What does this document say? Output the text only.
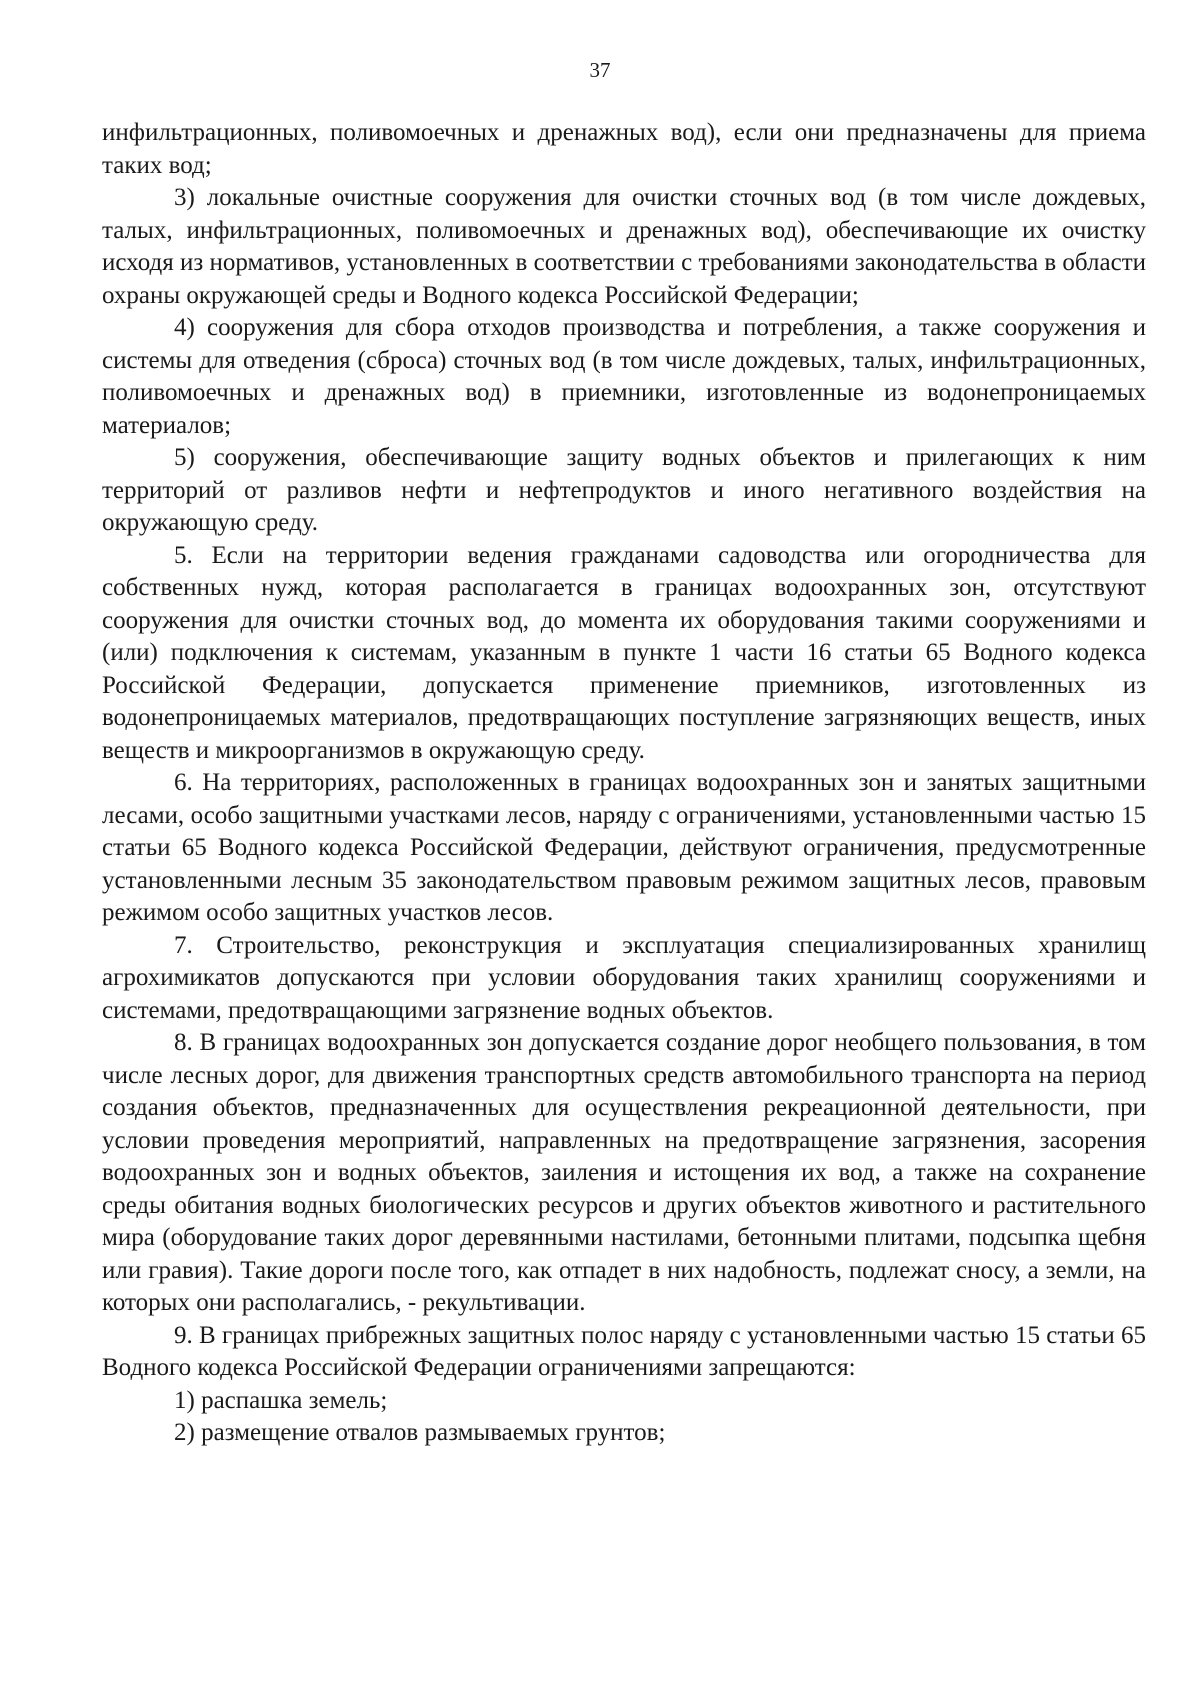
37

инфильтрационных, поливомоечных и дренажных вод), если они предназначены для приема таких вод;

3) локальные очистные сооружения для очистки сточных вод (в том числе дождевых, талых, инфильтрационных, поливомоечных и дренажных вод), обеспечивающие их очистку исходя из нормативов, установленных в соответствии с требованиями законодательства в области охраны окружающей среды и Водного кодекса Российской Федерации;

4) сооружения для сбора отходов производства и потребления, а также сооружения и системы для отведения (сброса) сточных вод (в том числе дождевых, талых, инфильтрационных, поливомоечных и дренажных вод) в приемники, изготовленные из водонепроницаемых материалов;

5) сооружения, обеспечивающие защиту водных объектов и прилегающих к ним территорий от разливов нефти и нефтепродуктов и иного негативного воздействия на окружающую среду.

5. Если на территории ведения гражданами садоводства или огородничества для собственных нужд, которая располагается в границах водоохранных зон, отсутствуют сооружения для очистки сточных вод, до момента их оборудования такими сооружениями и (или) подключения к системам, указанным в пункте 1 части 16 статьи 65 Водного кодекса Российской Федерации, допускается применение приемников, изготовленных из водонепроницаемых материалов, предотвращающих поступление загрязняющих веществ, иных веществ и микроорганизмов в окружающую среду.

6. На территориях, расположенных в границах водоохранных зон и занятых защитными лесами, особо защитными участками лесов, наряду с ограничениями, установленными частью 15 статьи 65 Водного кодекса Российской Федерации, действуют ограничения, предусмотренные установленными лесным 35 законодательством правовым режимом защитных лесов, правовым режимом особо защитных участков лесов.

7. Строительство, реконструкция и эксплуатация специализированных хранилищ агрохимикатов допускаются при условии оборудования таких хранилищ сооружениями и системами, предотвращающими загрязнение водных объектов.

8. В границах водоохранных зон допускается создание дорог необщего пользования, в том числе лесных дорог, для движения транспортных средств автомобильного транспорта на период создания объектов, предназначенных для осуществления рекреационной деятельности, при условии проведения мероприятий, направленных на предотвращение загрязнения, засорения водоохранных зон и водных объектов, заиления и истощения их вод, а также на сохранение среды обитания водных биологических ресурсов и других объектов животного и растительного мира (оборудование таких дорог деревянными настилами, бетонными плитами, подсыпка щебня или гравия). Такие дороги после того, как отпадет в них надобность, подлежат сносу, а земли, на которых они располагались, - рекультивации.

9. В границах прибрежных защитных полос наряду с установленными частью 15 статьи 65 Водного кодекса Российской Федерации ограничениями запрещаются:

1) распашка земель;

2) размещение отвалов размываемых грунтов;
